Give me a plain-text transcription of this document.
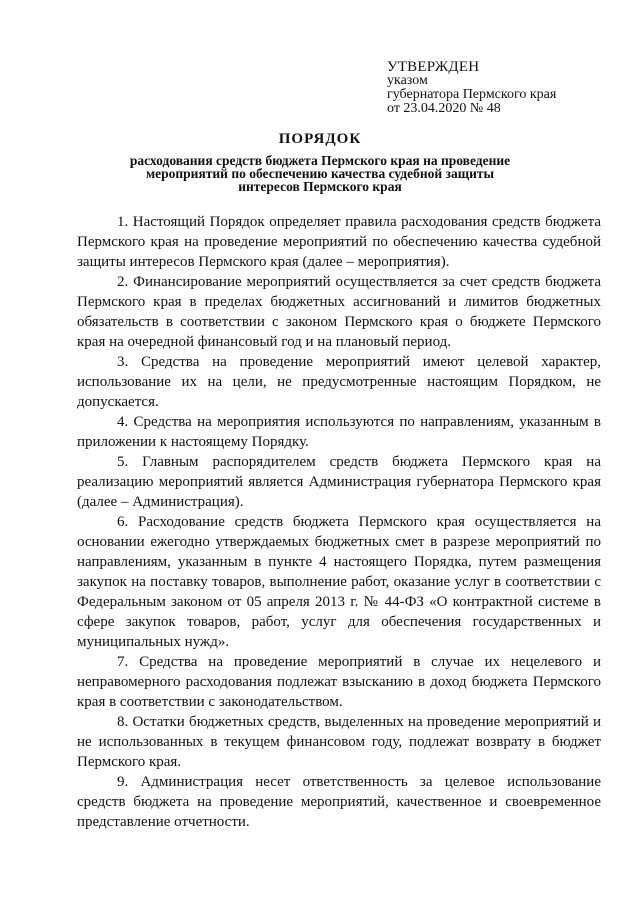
УТВЕРЖДЕН
указом
губернатора Пермского края
от 23.04.2020 № 48
ПОРЯДОК
расходования средств бюджета Пермского края на проведение
мероприятий по обеспечению качества судебной защиты
интересов Пермского края

1. Настоящий Порядок определяет правила расходования средств бюджета Пермского края на проведение мероприятий по обеспечению качества судебной защиты интересов Пермского края (далее – мероприятия).

2. Финансирование мероприятий осуществляется за счет средств бюджета Пермского края в пределах бюджетных ассигнований и лимитов бюджетных обязательств в соответствии с законом Пермского края о бюджете Пермского края на очередной финансовый год и на плановый период.

3. Средства на проведение мероприятий имеют целевой характер, использование их на цели, не предусмотренные настоящим Порядком, не допускается.

4. Средства на мероприятия используются по направлениям, указанным в приложении к настоящему Порядку.

5. Главным распорядителем средств бюджета Пермского края на реализацию мероприятий является Администрация губернатора Пермского края (далее – Администрация).

6. Расходование средств бюджета Пермского края осуществляется на основании ежегодно утверждаемых бюджетных смет в разрезе мероприятий по направлениям, указанным в пункте 4 настоящего Порядка, путем размещения закупок на поставку товаров, выполнение работ, оказание услуг в соответствии с Федеральным законом от 05 апреля 2013 г. № 44-ФЗ «О контрактной системе в сфере закупок товаров, работ, услуг для обеспечения государственных и муниципальных нужд».

7. Средства на проведение мероприятий в случае их нецелевого и неправомерного расходования подлежат взысканию в доход бюджета Пермского края в соответствии с законодательством.

8. Остатки бюджетных средств, выделенных на проведение мероприятий и не использованных в текущем финансовом году, подлежат возврату в бюджет Пермского края.

9. Администрация несет ответственность за целевое использование средств бюджета на проведение мероприятий, качественное и своевременное представление отчетности.
